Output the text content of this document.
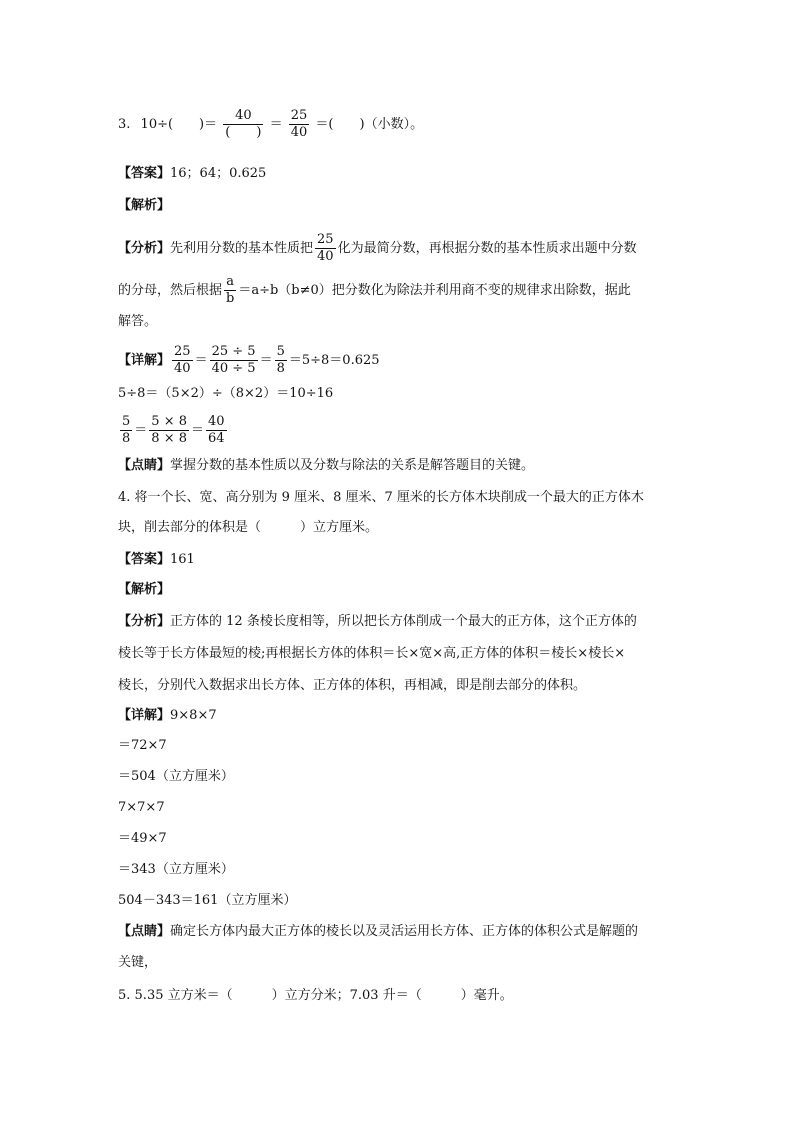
3. 10÷(　　)＝ $\frac{40}{( )} = \frac{25}{40}$ ＝(　　)（小数）。
【答案】16；64；0.625
【解析】
【分析】先利用分数的基本性质把 $\frac{25}{40}$ 化为最简分数，再根据分数的基本性质求出题中分数
的分母，然后根据 $\frac{a}{b} =a\div b(b\ne 0)$把分数化为除法并利用商不变的规律求出除数，据此
解答。
【详解】 $\frac{25}{40} = \frac{25 \div 5}{40 \div 5} = \frac{5}{8} =5\div 8=0.625$
5÷8＝（5×2）÷（8×2）＝10÷16
$\frac{5}{8} = \frac{5 \times 8}{8 \times 8} = \frac{40}{64}$
【点睛】掌握分数的基本性质以及分数与除法的关系是解答题目的关键。
4. 将一个长、宽、高分别为 9 厘米、8 厘米、7 厘米的长方体木块削成一个最大的正方体木
块，削去部分的体积是（　　　）立方厘米。
【答案】161
【解析】
【分析】正方体的 12 条棱长度相等，所以把长方体削成一个最大的正方体，这个正方体的
棱长等于长方体最短的棱;再根据长方体的体积＝长×宽×高,正方体的体积＝棱长×棱长×
棱长，分别代入数据求出长方体、正方体的体积，再相减，即是削去部分的体积。
【详解】9×8×7
＝72×7
＝504（立方厘米）
7×7×7
＝49×7
＝343（立方厘米）
504－343＝161（立方厘米）
【点睛】确定长方体内最大正方体的棱长以及灵活运用长方体、正方体的体积公式是解题的
关键，
5. 5.35 立方米＝（　　　）立方分米；7.03 升＝（　　　）毫升。
